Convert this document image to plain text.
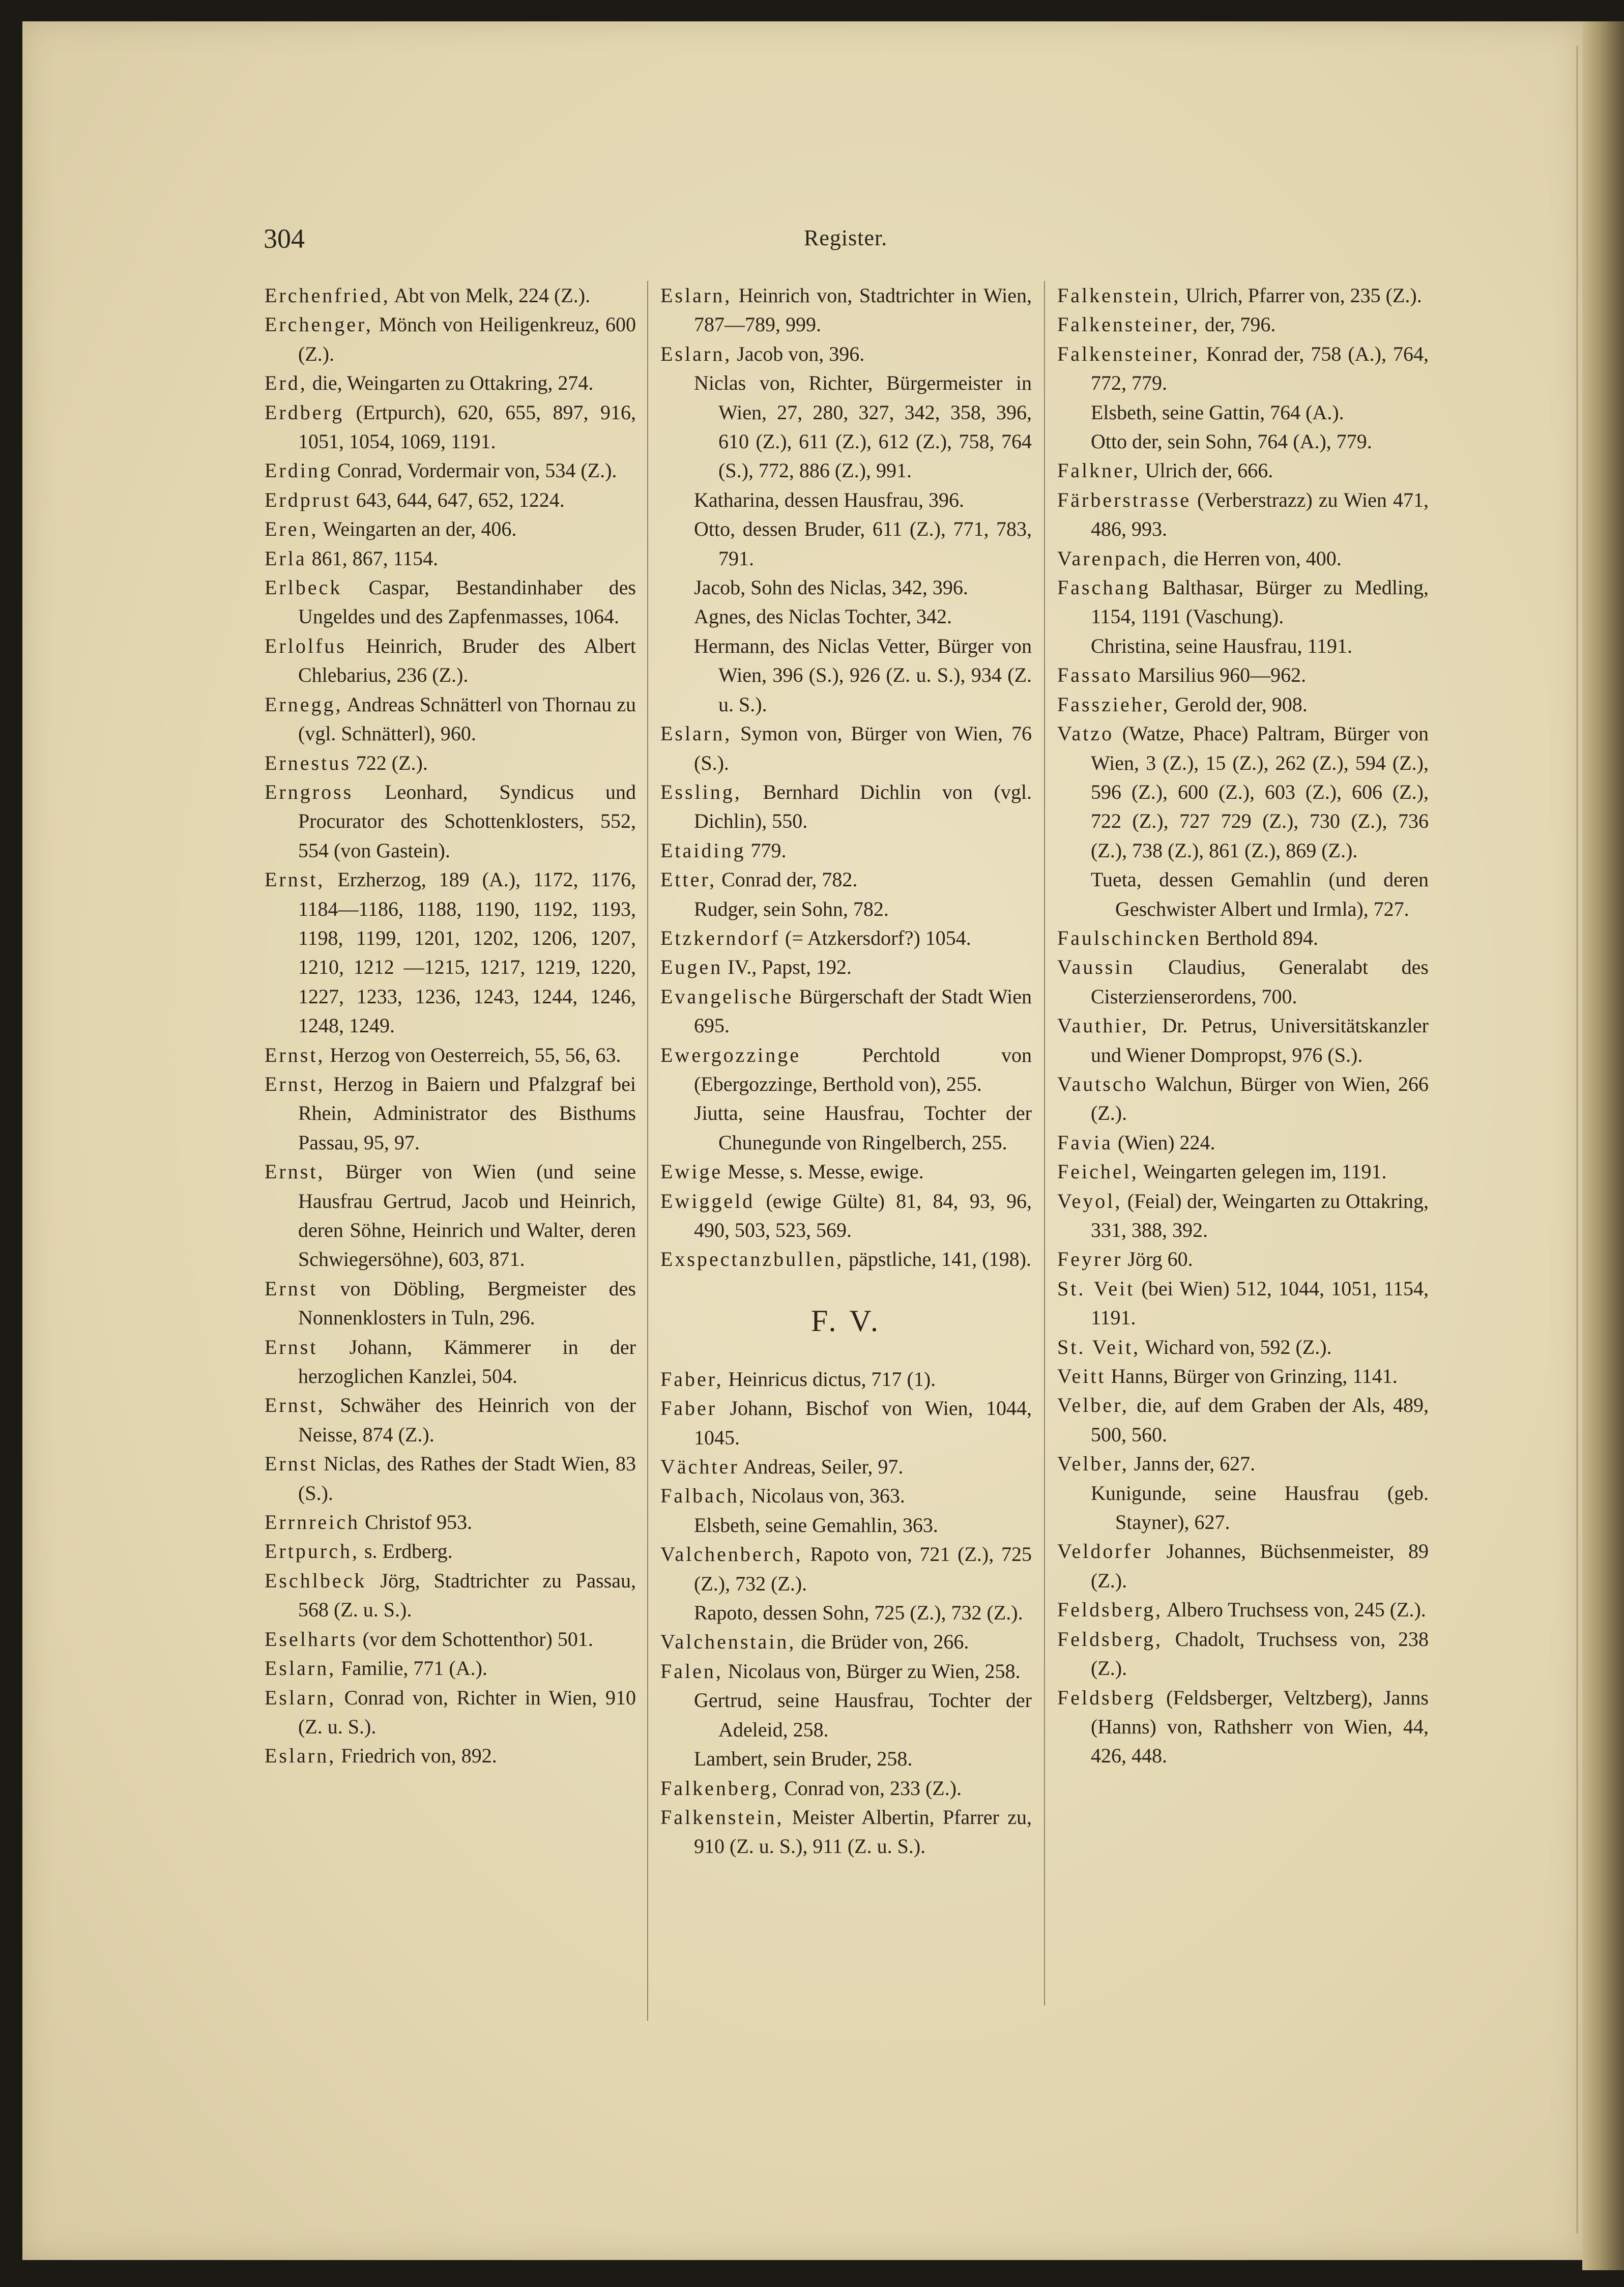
304	Register.

Erchenfried, Abt von Melk, 224 (Z.).

Erchenger, Mönch von Heiligenkreuz, 600 (Z.).

Erd, die, Weingarten zu Ottakring, 274.

Erdberg (Ertpurch), 620, 655, 897, 916, 1051, 1054, 1069, 1191.

Erding Conrad, Vordermair von, 534 (Z.).

Erdprust 643, 644, 647, 652, 1224.

Eren, Weingarten an der, 406.

Erla 861, 867, 1154.

Erlbeck Caspar, Bestandinhaber des Ungeldes und des Zapfenmasses, 1064.

Erlolfus Heinrich, Bruder des Albert Chlebarius, 236 (Z.).

Ernegg, Andreas Schnätterl von Thornau zu (vgl. Schnätterl), 960.

Ernestus 722 (Z.).

Erngross Leonhard, Syndicus und Procurator des Schottenklosters, 552, 554 (von Gastein).

Ernst, Erzherzog, 189 (A.), 1172, 1176, 1184—1186, 1188, 1190, 1192, 1193, 1198, 1199, 1201, 1202, 1206, 1207, 1210, 1212 —1215, 1217, 1219, 1220, 1227, 1233, 1236, 1243, 1244, 1246, 1248, 1249.

Ernst, Herzog von Oesterreich, 55, 56, 63.

Ernst, Herzog in Baiern und Pfalzgraf bei Rhein, Administrator des Bisthums Passau, 95, 97.

Ernst, Bürger von Wien (und seine Hausfrau Gertrud, Jacob und Heinrich, deren Söhne, Heinrich und Walter, deren Schwiegersöhne), 603, 871.

Ernst von Döbling, Bergmeister des Nonnenklosters in Tuln, 296.

Ernst Johann, Kämmerer in der herzoglichen Kanzlei, 504.

Ernst, Schwäher des Heinrich von der Neisse, 874 (Z.).

Ernst Niclas, des Rathes der Stadt Wien, 83 (S.).

Errnreich Christof 953.

Ertpurch, s. Erdberg.

Eschlbeck Jörg, Stadtrichter zu Passau, 568 (Z. u. S.).

Eselharts (vor dem Schottenthor) 501.

Eslarn, Familie, 771 (A.).

Eslarn, Conrad von, Richter in Wien, 910 (Z. u. S.).

Eslarn, Friedrich von, 892.

Eslarn, Heinrich von, Stadtrichter in Wien, 787—789, 999.

Eslarn, Jacob von, 396.

Niclas von, Richter, Bürgermeister in Wien, 27, 280, 327, 342, 358, 396, 610 (Z.), 611 (Z.), 612 (Z.), 758, 764 (S.), 772, 886 (Z.), 991.

Katharina, dessen Hausfrau, 396.

Otto, dessen Bruder, 611 (Z.), 771, 783, 791.

Jacob, Sohn des Niclas, 342, 396.

Agnes, des Niclas Tochter, 342.

Hermann, des Niclas Vetter, Bürger von Wien, 396 (S.), 926 (Z. u. S.), 934 (Z. u. S.).

Eslarn, Symon von, Bürger von Wien, 76 (S.).

Essling, Bernhard Dichlin von (vgl. Dichlin), 550.

Etaiding 779.

Etter, Conrad der, 782.

Rudger, sein Sohn, 782.

Etzkerndorf (= Atzkersdorf?) 1054.

Eugen IV., Papst, 192.

Evangelische Bürgerschaft der Stadt Wien 695.

Ewergozzinge Perchtold von (Ebergozzinge, Berthold von), 255.

Jiutta, seine Hausfrau, Tochter der Chunegunde von Ringelberch, 255.

Ewige Messe, s. Messe, ewige.

Ewiggeld (ewige Gülte) 81, 84, 93, 96, 490, 503, 523, 569.

Exspectanzbullen, päpstliche, 141, (198).

F. V.

Faber, Heinricus dictus, 717 (1).

Faber Johann, Bischof von Wien, 1044, 1045.

Vächter Andreas, Seiler, 97.

Falbach, Nicolaus von, 363.

Elsbeth, seine Gemahlin, 363.

Valchenberch, Rapoto von, 721 (Z.), 725 (Z.), 732 (Z.).

Rapoto, dessen Sohn, 725 (Z.), 732 (Z.).

Valchenstain, die Brüder von, 266.

Falen, Nicolaus von, Bürger zu Wien, 258.

Gertrud, seine Hausfrau, Tochter der Adeleid, 258.

Lambert, sein Bruder, 258.

Falkenberg, Conrad von, 233 (Z.).

Falkenstein, Meister Albertin, Pfarrer zu, 910 (Z. u. S.), 911 (Z. u. S.).

Falkenstein, Ulrich, Pfarrer von, 235 (Z.).

Falkensteiner, der, 796.

Falkensteiner, Konrad der, 758 (A.), 764, 772, 779.

Elsbeth, seine Gattin, 764 (A.).

Otto der, sein Sohn, 764 (A.), 779.

Falkner, Ulrich der, 666.

Färberstrasse (Verberstrazz) zu Wien 471, 486, 993.

Varenpach, die Herren von, 400.

Faschang Balthasar, Bürger zu Medling, 1154, 1191 (Vaschung).

Christina, seine Hausfrau, 1191.

Fassato Marsilius 960—962.

Fasszieher, Gerold der, 908.

Vatzo (Watze, Phace) Paltram, Bürger von Wien, 3 (Z.), 15 (Z.), 262 (Z.), 594 (Z.), 596 (Z.), 600 (Z.), 603 (Z.), 606 (Z.), 722 (Z.), 727 729 (Z.), 730 (Z.), 736 (Z.), 738 (Z.), 861 (Z.), 869 (Z.).

Tueta, dessen Gemahlin (und deren Geschwister Albert und Irmla), 727.

Faulschincken Berthold 894.

Vaussin Claudius, Generalabt des Cisterzienserordens, 700.

Vauthier, Dr. Petrus, Universitätskanzler und Wiener Dompropst, 976 (S.).

Vautscho Walchun, Bürger von Wien, 266 (Z.).

Favia (Wien) 224.

Feichel, Weingarten gelegen im, 1191.

Veyol, (Feial) der, Weingarten zu Ottakring, 331, 388, 392.

Feyrer Jörg 60.

St. Veit (bei Wien) 512, 1044, 1051, 1154, 1191.

St. Veit, Wichard von, 592 (Z.).

Veitt Hanns, Bürger von Grinzing, 1141.

Velber, die, auf dem Graben der Als, 489, 500, 560.

Velber, Janns der, 627.

Kunigunde, seine Hausfrau (geb. Stayner), 627.

Veldorfer Johannes, Büchsenmeister, 89 (Z.).

Feldsberg, Albero Truchsess von, 245 (Z.).

Feldsberg, Chadolt, Truchsess von, 238 (Z.).

Feldsberg (Feldsberger, Veltzberg), Janns (Hanns) von, Rathsherr von Wien, 44, 426, 448.
